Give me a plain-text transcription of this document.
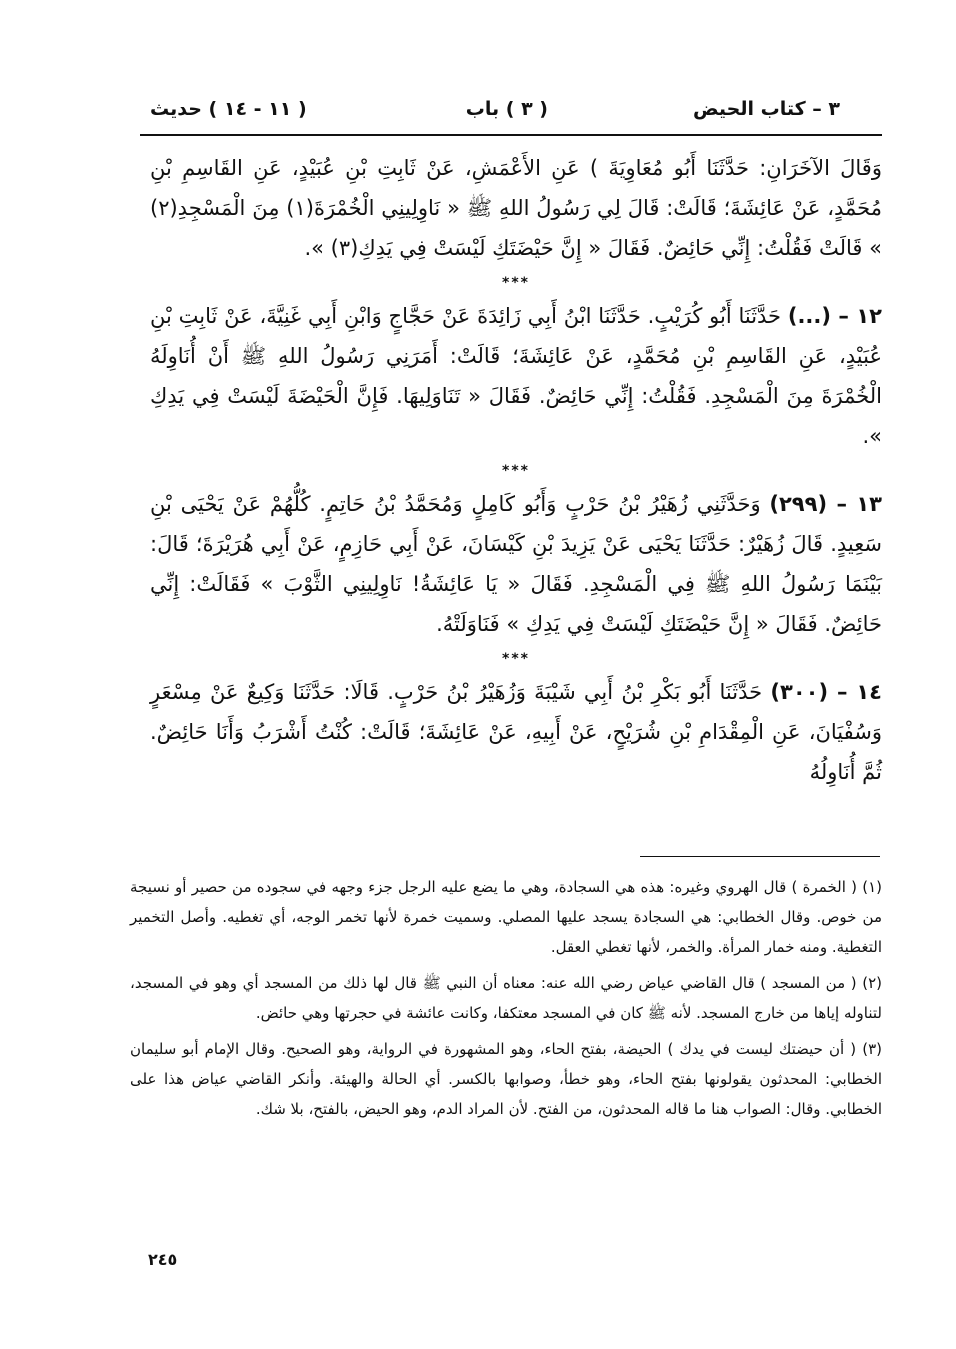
٣ – كتاب الحيض
( ٣ ) باب
( ١١ - ١٤ ) حديث

وَقَالَ الآخَرَانِ: حَدَّثَنَا أَبُو مُعَاوِيَةَ ) عَنِ الأَعْمَشِ، عَنْ ثَابِتِ بْنِ عُبَيْدٍ، عَنِ القَاسِمِ بْنِ مُحَمَّدٍ، عَنْ عَائِشَةَ؛ قَالَتْ: قَالَ لِي رَسُولُ اللهِ ﷺ « نَاوِلِينِي الْخُمْرَةَ(١) مِنَ الْمَسْجِدِ(٢) » قَالَتْ فَقُلْتُ: إِنِّي حَائِضٌ. فَقَالَ « إِنَّ حَيْضَتَكِ لَيْسَتْ فِي يَدِكِ(٣) ».

***

١٢ – (...) حَدَّثَنَا أَبُو كُرَيْبٍ. حَدَّثَنَا ابْنُ أَبِي زَائِدَةَ عَنْ حَجَّاجٍ وَابْنِ أَبِي غَنِيَّةَ، عَنْ ثَابِتِ بْنِ عُبَيْدٍ، عَنِ القَاسِمِ بْنِ مُحَمَّدٍ، عَنْ عَائِشَةَ؛ قَالَتْ: أَمَرَنِي رَسُولُ اللهِ ﷺ أَنْ أُنَاوِلَهُ الْخُمْرَةَ مِنَ الْمَسْجِدِ. فَقُلْتُ: إِنِّي حَائِضٌ. فَقَالَ « تَنَاوَلِيهَا. فَإِنَّ الْحَيْضَةَ لَيْسَتْ فِي يَدِكِ ».

***

١٣ – (٢٩٩) وَحَدَّثَنِي زُهَيْرُ بْنُ حَرْبٍ وَأَبُو كَامِلٍ وَمُحَمَّدُ بْنُ حَاتِمٍ. كُلُّهُمْ عَنْ يَحْيَى بْنِ سَعِيدٍ. قَالَ زُهَيْرٌ: حَدَّثَنَا يَحْيَى عَنْ يَزِيدَ بْنِ كَيْسَانَ، عَنْ أَبِي حَازِمٍ، عَنْ أَبِي هُرَيْرَةَ؛ قَالَ: بَيْنَمَا رَسُولُ اللهِ ﷺ فِي الْمَسْجِدِ. فَقَالَ « يَا عَائِشَةُ! نَاوِلِينِي الثَّوْبَ » فَقَالَتْ: إِنِّي حَائِضٌ. فَقَالَ « إِنَّ حَيْضَتَكِ لَيْسَتْ فِي يَدِكِ » فَنَاوَلَتْهُ.

***

١٤ – (٣٠٠) حَدَّثَنَا أَبُو بَكْرِ بْنُ أَبِي شَيْبَةَ وَزُهَيْرُ بْنُ حَرْبٍ. قَالَا: حَدَّثَنَا وَكِيعٌ عَنْ مِسْعَرٍ وَسُفْيَانَ، عَنِ الْمِقْدَامِ بْنِ شُرَيْحٍ، عَنْ أَبِيهِ، عَنْ عَائِشَةَ؛ قَالَتْ: كُنْتُ أَشْرَبُ وَأَنَا حَائِضٌ. ثُمَّ أُنَاوِلُهُ

(١) ( الخمرة ) قال الهروي وغيره: هذه هي السجادة، وهي ما يضع عليه الرجل جزء وجهه في سجوده من حصير أو نسيجة من خوص. وقال الخطابي: هي السجادة يسجد عليها المصلي. وسميت خمرة لأنها تخمر الوجه، أي تغطيه. وأصل التخمير التغطية. ومنه خمار المرأة. والخمر، لأنها تغطي العقل.

(٢) ( من المسجد ) قال القاضي عياض رضي الله عنه: معناه أن النبي ﷺ قال لها ذلك من المسجد أي وهو في المسجد، لتناوله إياها من خارج المسجد. لأنه ﷺ كان في المسجد معتكفا، وكانت عائشة في حجرتها وهي حائض.

(٣) ( أن حيضتك ليست في يدك ) الحيضة، بفتح الحاء، وهو المشهورة في الرواية، وهو الصحيح. وقال الإمام أبو سليمان الخطابي: المحدثون يقولونها بفتح الحاء، وهو خطأ، وصوابها بالكسر. أي الحالة والهيئة. وأنكر القاضي عياض هذا على الخطابي. وقال: الصواب هنا ما قاله المحدثون، من الفتح. لأن المراد الدم، وهو الحيض، بالفتح، بلا شك.

٢٤٥
